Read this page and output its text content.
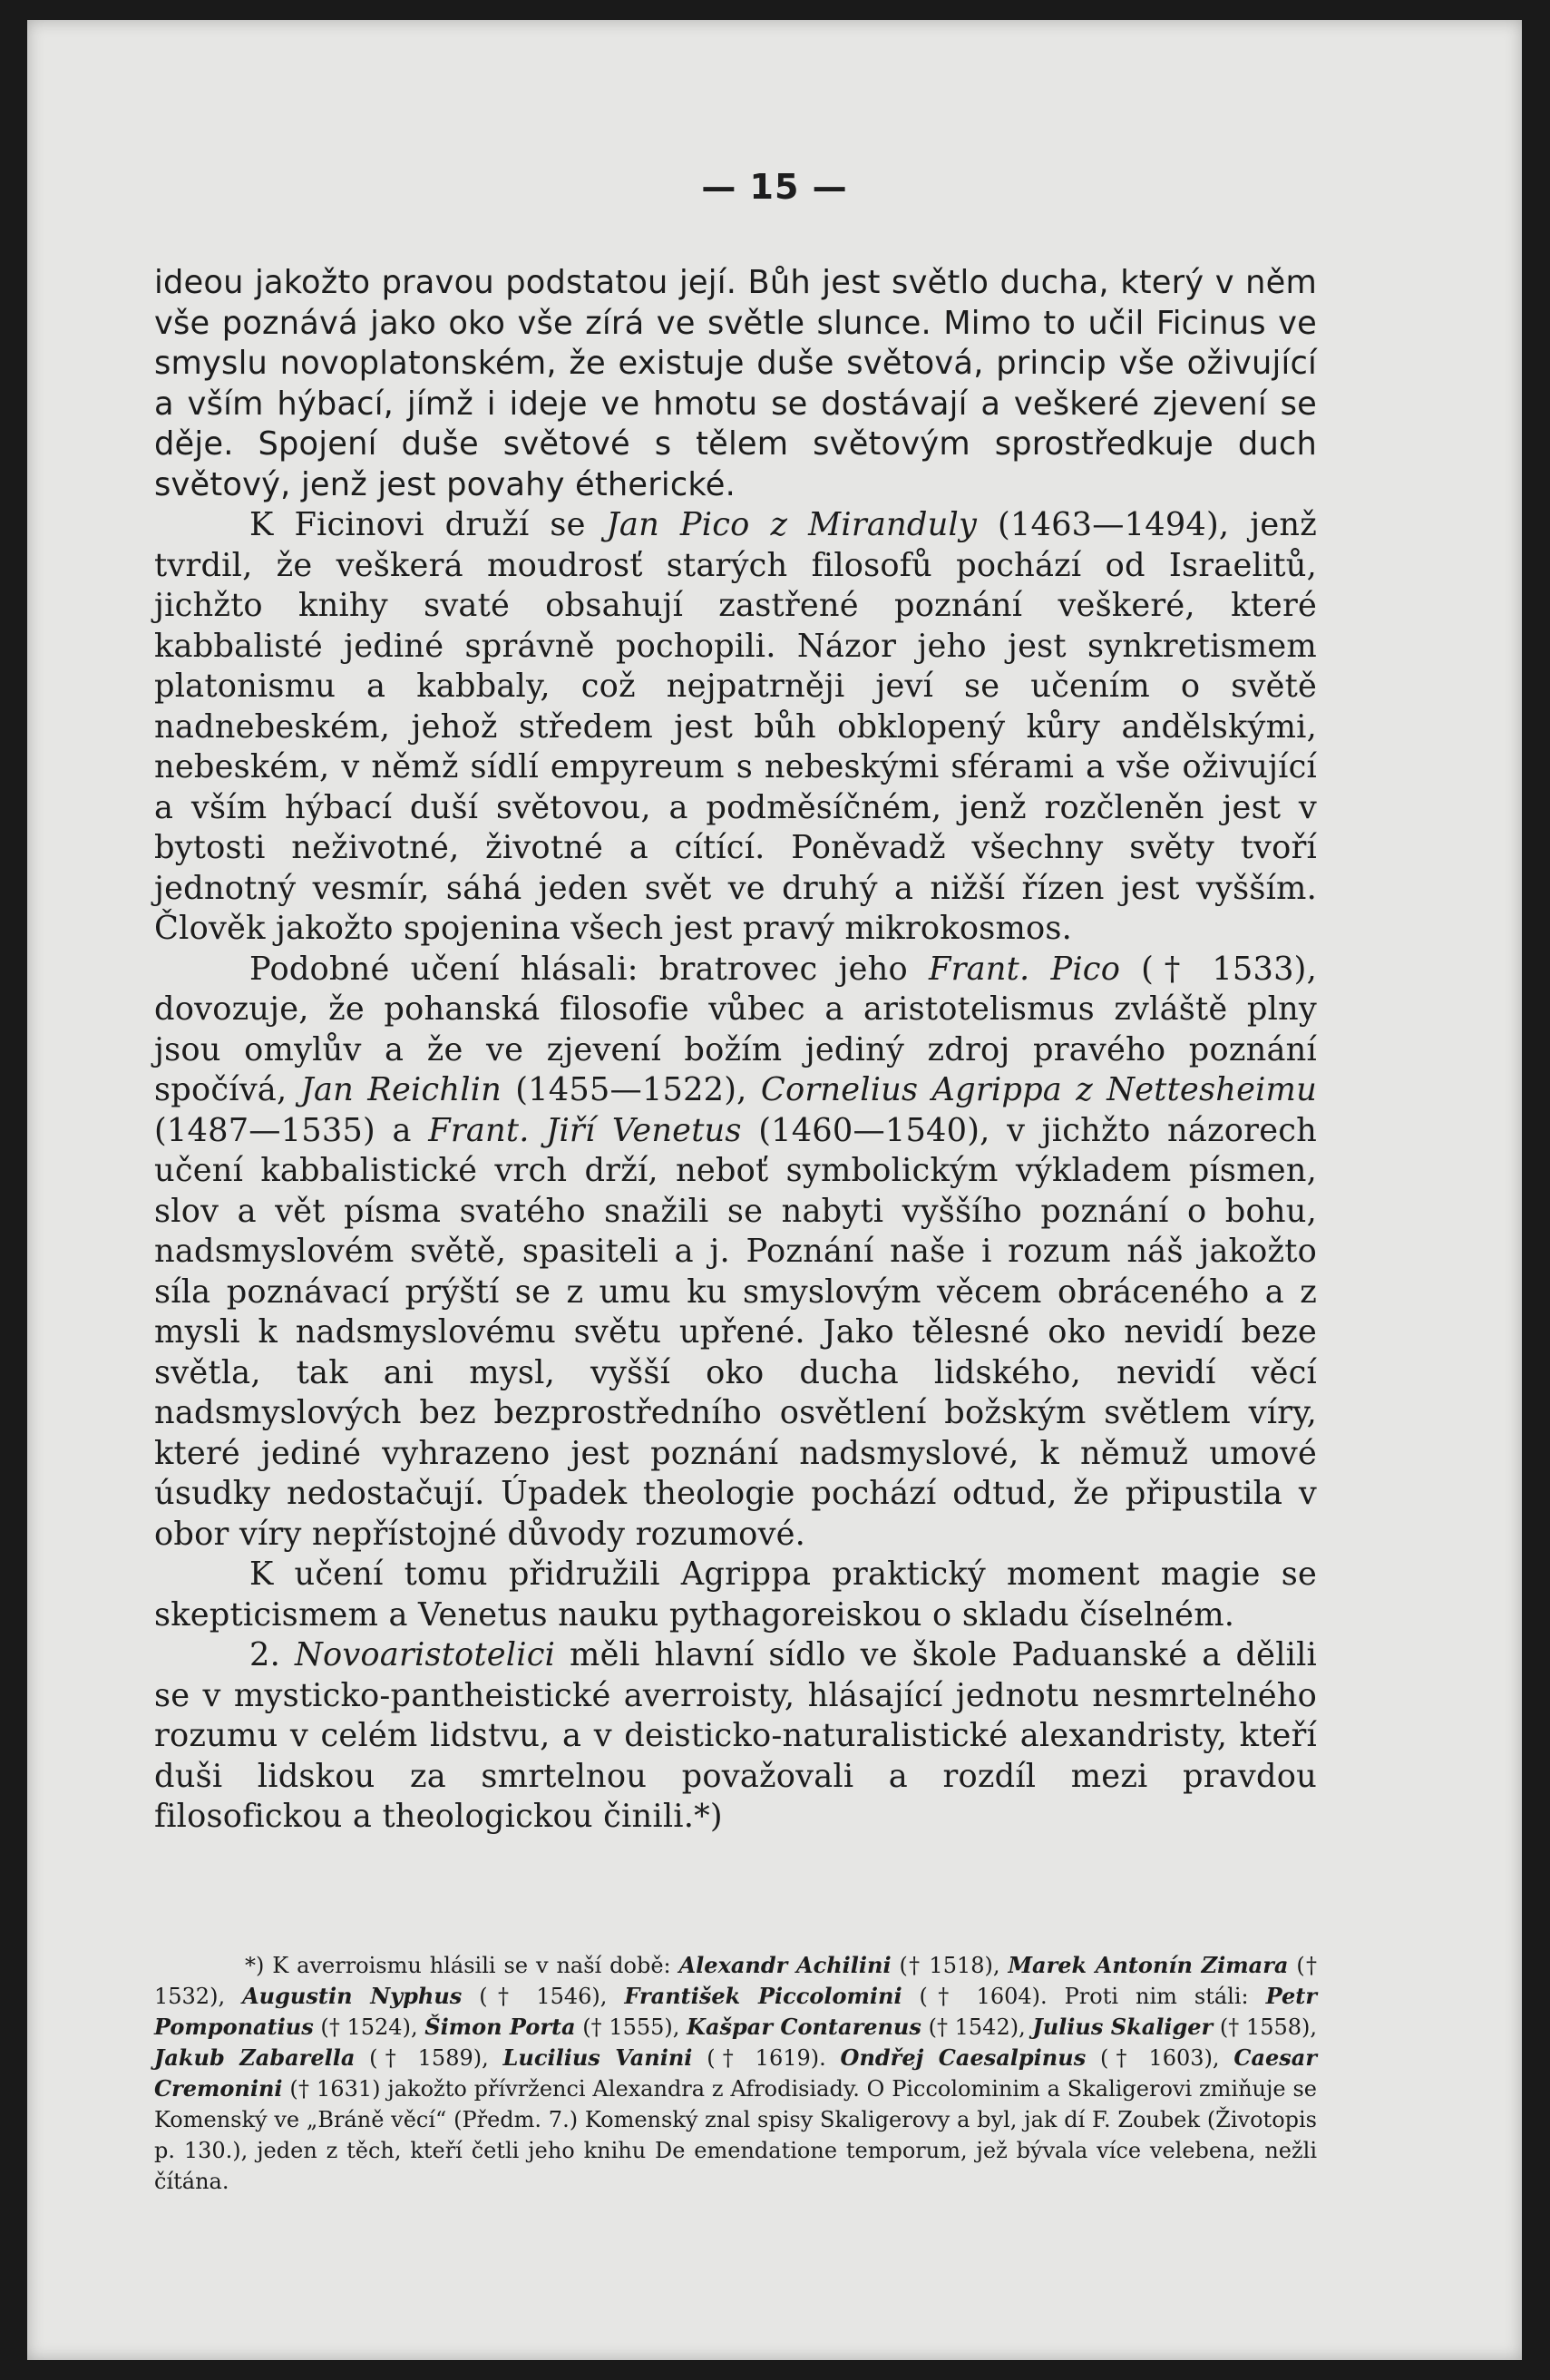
— 15 —

ideou jakožto pravou podstatou její. Bůh jest světlo ducha, který v něm vše poznává jako oko vše zírá ve světle slunce. Mimo to učil Ficinus ve smyslu novoplatonském, že existuje duše světová, princip vše oživující a vším hýbací, jímž i ideje ve hmotu se dostávají a veškeré zjevení se děje. Spojení duše světové s tělem světovým sprostředkuje duch světový, jenž jest povahy étherické.

K Ficinovi druží se Jan Pico z Miranduly (1463—1494), jenž tvrdil, že veškerá moudrosť starých filosofů pochází od Israelitů, jichžto knihy svaté obsahují zastřené poznání veškeré, které kabbalisté jediné správně pochopili. Názor jeho jest synkretismem platonismu a kabbaly, což nejpatrněji jeví se učením o světě nadnebeském, jehož středem jest bůh obklopený kůry andělskými, nebeském, v němž sídlí empyreum s nebeskými sférami a vše oživující a vším hýbací duší světovou, a podměsíčném, jenž rozčleněn jest v bytosti neživotné, životné a cítící. Poněvadž všechny světy tvoří jednotný vesmír, sáhá jeden svět ve druhý a nižší řízen jest vyšším. Člověk jakožto spojenina všech jest pravý mikrokosmos.

Podobné učení hlásali: bratrovec jeho Frant. Pico († 1533), dovozuje, že pohanská filosofie vůbec a aristotelismus zvláště plny jsou omylův a že ve zjevení božím jediný zdroj pravého poznání spočívá, Jan Reichlin (1455—1522), Cornelius Agrippa z Nettesheimu (1487—1535) a Frant. Jiří Venetus (1460—1540), v jichžto názorech učení kabbalistické vrch drží, neboť symbolickým výkladem písmen, slov a vět písma svatého snažili se nabyti vyššího poznání o bohu, nadsmyslovém světě, spasiteli a j. Poznání naše i rozum náš jakožto síla poznávací prýští se z umu ku smyslovým věcem obráceného a z mysli k nadsmyslovému světu upřené. Jako tělesné oko nevidí beze světla, tak ani mysl, vyšší oko ducha lidského, nevidí věcí nadsmyslových bez bezprostředního osvětlení božským světlem víry, které jediné vyhrazeno jest poznání nadsmyslové, k němuž umové úsudky nedostačují. Úpadek theologie pochází odtud, že připustila v obor víry nepřístojné důvody rozumové.

K učení tomu přidružili Agrippa praktický moment magie se skepticismem a Venetus nauku pythagoreiskou o skladu číselném.

2. Novoaristotelici měli hlavní sídlo ve škole Paduanské a dělili se v mysticko-pantheistické averroisty, hlásající jednotu nesmrtelného rozumu v celém lidstvu, a v deisticko-naturalistické alexandristy, kteří duši lidskou za smrtelnou považovali a rozdíl mezi pravdou filosofickou a theologickou činili.*)

*) K averroismu hlásili se v naší době: Alexandr Achilini († 1518), Marek Antonín Zimara († 1532), Augustin Nyphus († 1546), František Piccolomini († 1604). Proti nim stáli: Petr Pomponatius († 1524), Šimon Porta († 1555), Kašpar Contarenus († 1542), Julius Skaliger († 1558), Jakub Zabarella († 1589), Lucilius Vanini († 1619). Ondřej Caesalpinus († 1603), Caesar Cremonini († 1631) jakožto přívrženci Alexandra z Afrodisiady. O Piccolominim a Skaligerovi zmiňuje se Komenský ve „Bráně věcí“ (Předm. 7.) Komenský znal spisy Skaligerovy a byl, jak dí F. Zoubek (Životopis p. 130.), jeden z těch, kteří četli jeho knihu De emendatione temporum, jež bývala více velebena, nežli čítána.
